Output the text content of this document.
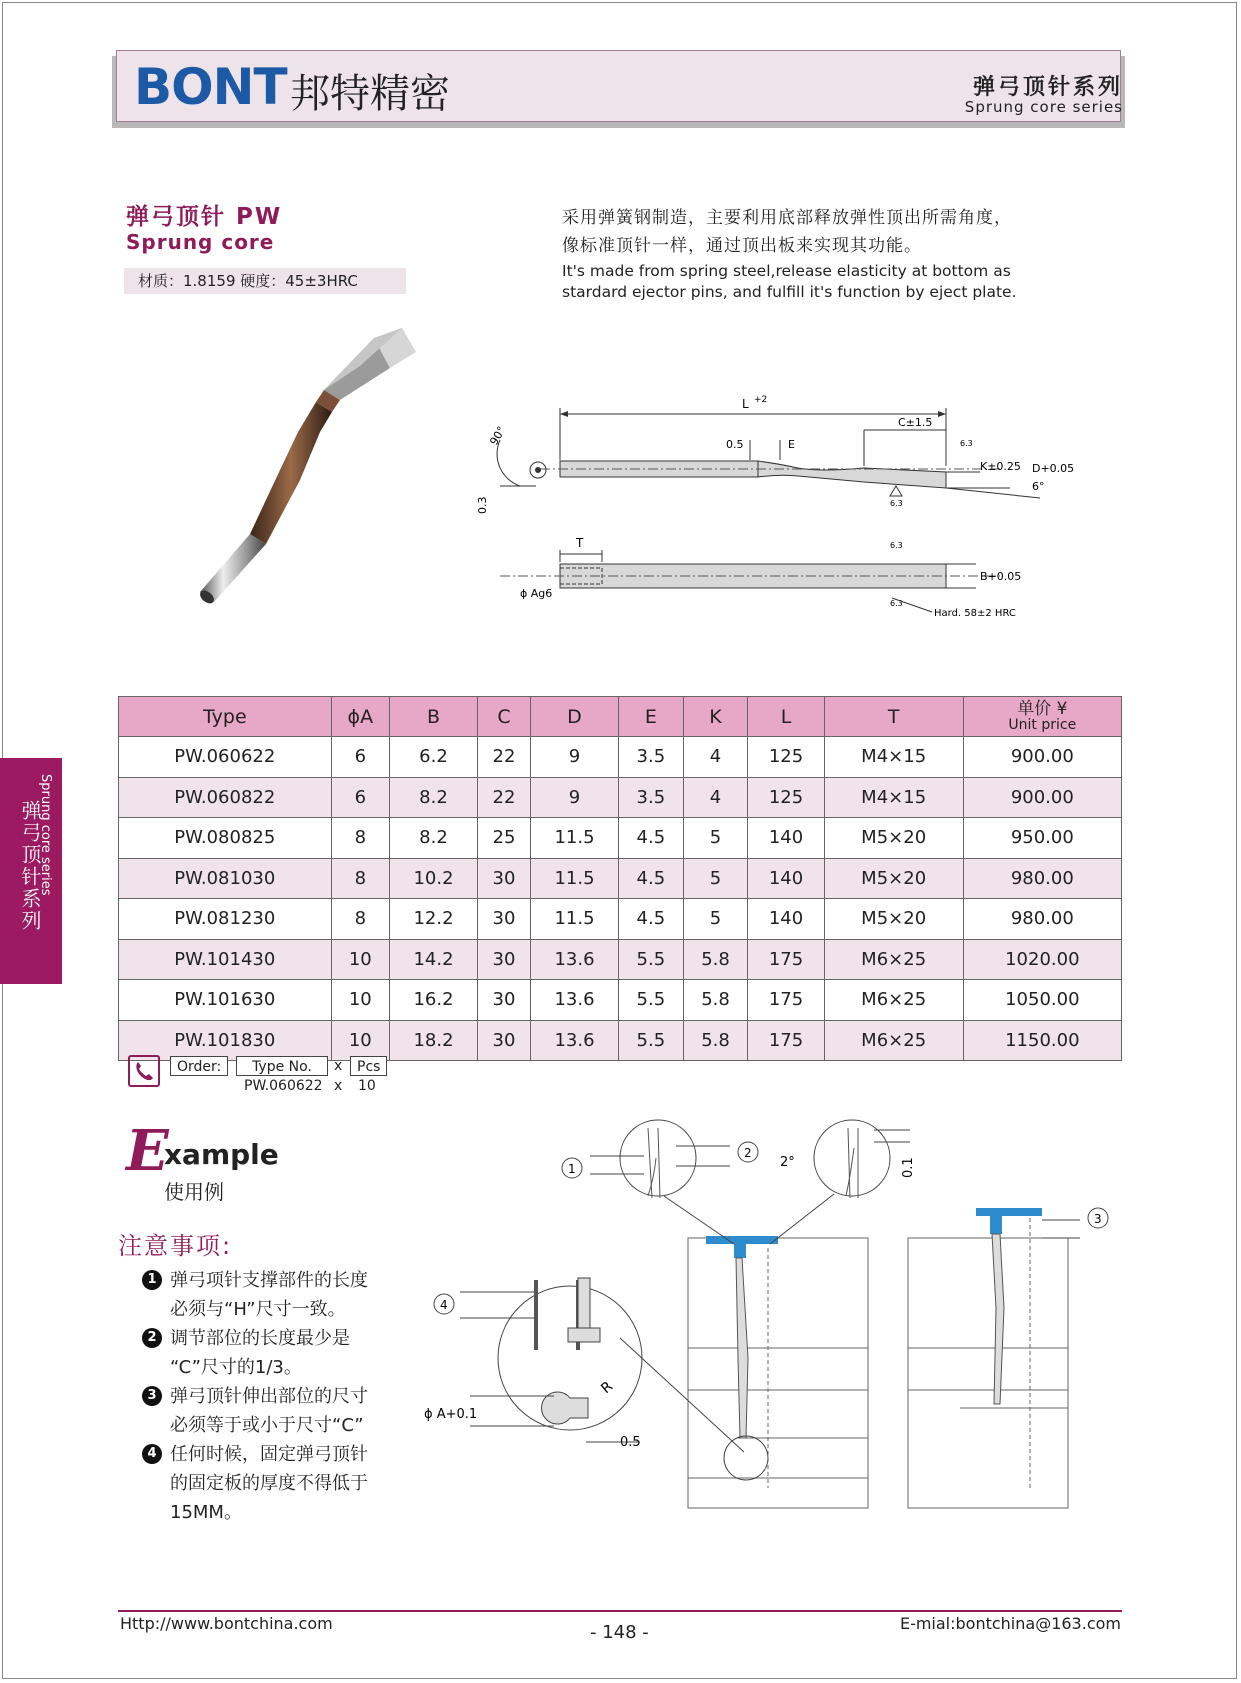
BONT 邦特精密	弹弓顶针系列
Sprung core series
Sprung core series
弹弓顶针系列
弹弓顶针 PW
Sprung core
材质：1.8159 硬度：45±3HRC
采用弹簧钢制造，主要利用底部释放弹性顶出所需角度，
像标准顶针一样，通过顶出板来实现其功能。
It's made from spring steel,release elasticity at bottom as
stardard ejector pins, and fulfill it's function by eject plate.
L +2
C±1.5
0.5	E
K±0.25 D+0.05
6°
6.3
6.3
90°
0.3
T
ϕ Ag6
B+0.05
6.3
6.3
Hard. 58±2 HRC
Type	ϕA	B	C	D	E	K	L	T	单价 ¥
Unit price

PW.060622	6	6.2	22	9	3.5	4	125	M4×15	900.00
PW.060822	6	8.2	22	9	3.5	4	125	M4×15	900.00
PW.080825	8	8.2	25	11.5	4.5	5	140	M5×20	950.00
PW.081030	8	10.2	30	11.5	4.5	5	140	M5×20	980.00
PW.081230	8	12.2	30	11.5	4.5	5	140	M5×20	980.00
PW.101430	10	14.2	30	13.6	5.5	5.8	175	M6×25	1020.00
PW.101630	10	16.2	30	13.6	5.5	5.8	175	M6×25	1050.00
PW.101830	10	18.2	30	13.6	5.5	5.8	175	M6×25	1150.00
Order:	Type No.	x	Pcs
PW.060622 x 10
E
xample
使用例
注意事项:
1 弹弓项针支撑部件的长度
必须与“H”尺寸一致。
2 调节部位的长度最少是
“C”尺寸的1/3。
3 弹弓顶针伸出部位的尺寸
必须等于或小于尺寸“C”
4 任何时候，固定弹弓顶针
的固定板的厚度不得低于
15MM。
1
2
2°	0.1
3
4
R
ϕ A+0.1
0.5
Http://www.bontchina.com	- 148 -	E-mial:bontchina@163.com
